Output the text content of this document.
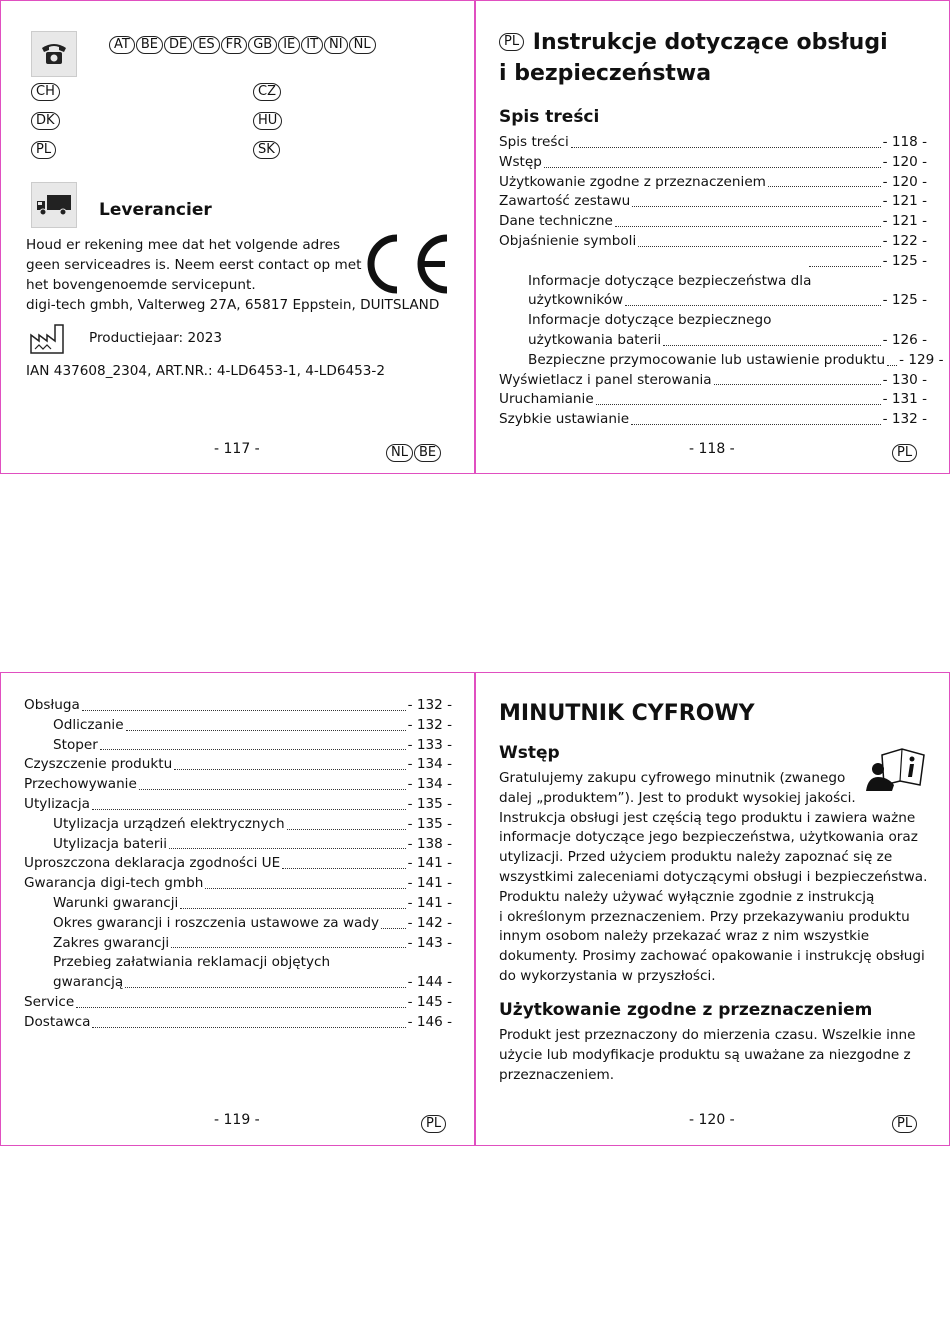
AT BE DE ES FR GB IE IT NI NL
CH
DK
PL
CZ
HU
SK
Leverancier
Houd er rekening mee dat het volgende adres
geen serviceadres is. Neem eerst contact op met
het bovengenoemde servicepunt.
digi-tech gmbh, Valterweg 27A, 65817 Eppstein, DUITSLAND
Productiejaar: 2023
IAN 437608_2304, ART.NR.: 4-LD6453-1, 4-LD6453-2
- 117 -	NL BE
PL Instrukcje dotyczące obsługi
i bezpieczeństwa
Spis treści
Spis treści	- 118 -
Wstęp	- 120 -
Użytkowanie zgodne z przeznaczeniem	- 120 -
Zawartość zestawu	- 121 -
Dane techniczne	- 121 -
Objaśnienie symboli	- 122 -
- 125 -
Informacje dotyczące bezpieczeństwa dla
użytkowników	- 125 -
Informacje dotyczące bezpiecznego
użytkowania baterii	- 126 -
Bezpieczne przymocowanie lub ustawienie produktu - 129 -
Wyświetlacz i panel sterowania	- 130 -
Uruchamianie	- 131 -
Szybkie ustawianie	- 132 -
- 118 -	PL
Obsługa	- 132 -
Odliczanie	- 132 -
Stoper	- 133 -
Czyszczenie produktu	- 134 -
Przechowywanie	- 134 -
Utylizacja	- 135 -
Utylizacja urządzeń elektrycznych	- 135 -
Utylizacja baterii	- 138 -
Uproszczona deklaracja zgodności UE	- 141 -
Gwarancja digi-tech gmbh	- 141 -
Warunki gwarancji	- 141 -
Okres gwarancji i roszczenia ustawowe za wady - 142 -
Zakres gwarancji	- 143 -
Przebieg załatwiania reklamacji objętych
gwarancją	- 144 -
Service	- 145 -
Dostawca	- 146 -
- 119 -	PL
MINUTNIK CYFROWY
Wstęp
Gratulujemy zakupu cyfrowego minutnik (zwanego
dalej „produktem”). Jest to produkt wysokiej jakości.
Instrukcja obsługi jest częścią tego produktu i zawiera ważne
informacje dotyczące jego bezpieczeństwa, użytkowania oraz
utylizacji. Przed użyciem produktu należy zapoznać się ze
wszystkimi zaleceniami dotyczącymi obsługi i bezpieczeństwa.
Produktu należy używać wyłącznie zgodnie z instrukcją
i określonym przeznaczeniem. Przy przekazywaniu produktu
innym osobom należy przekazać wraz z nim wszystkie
dokumenty. Prosimy zachować opakowanie i instrukcję obsługi
do wykorzystania w przyszłości.
Użytkowanie zgodne z przeznaczeniem
Produkt jest przeznaczony do mierzenia czasu. Wszelkie inne
użycie lub modyfikacje produktu są uważane za niezgodne z
przeznaczeniem.
- 120 -	PL
